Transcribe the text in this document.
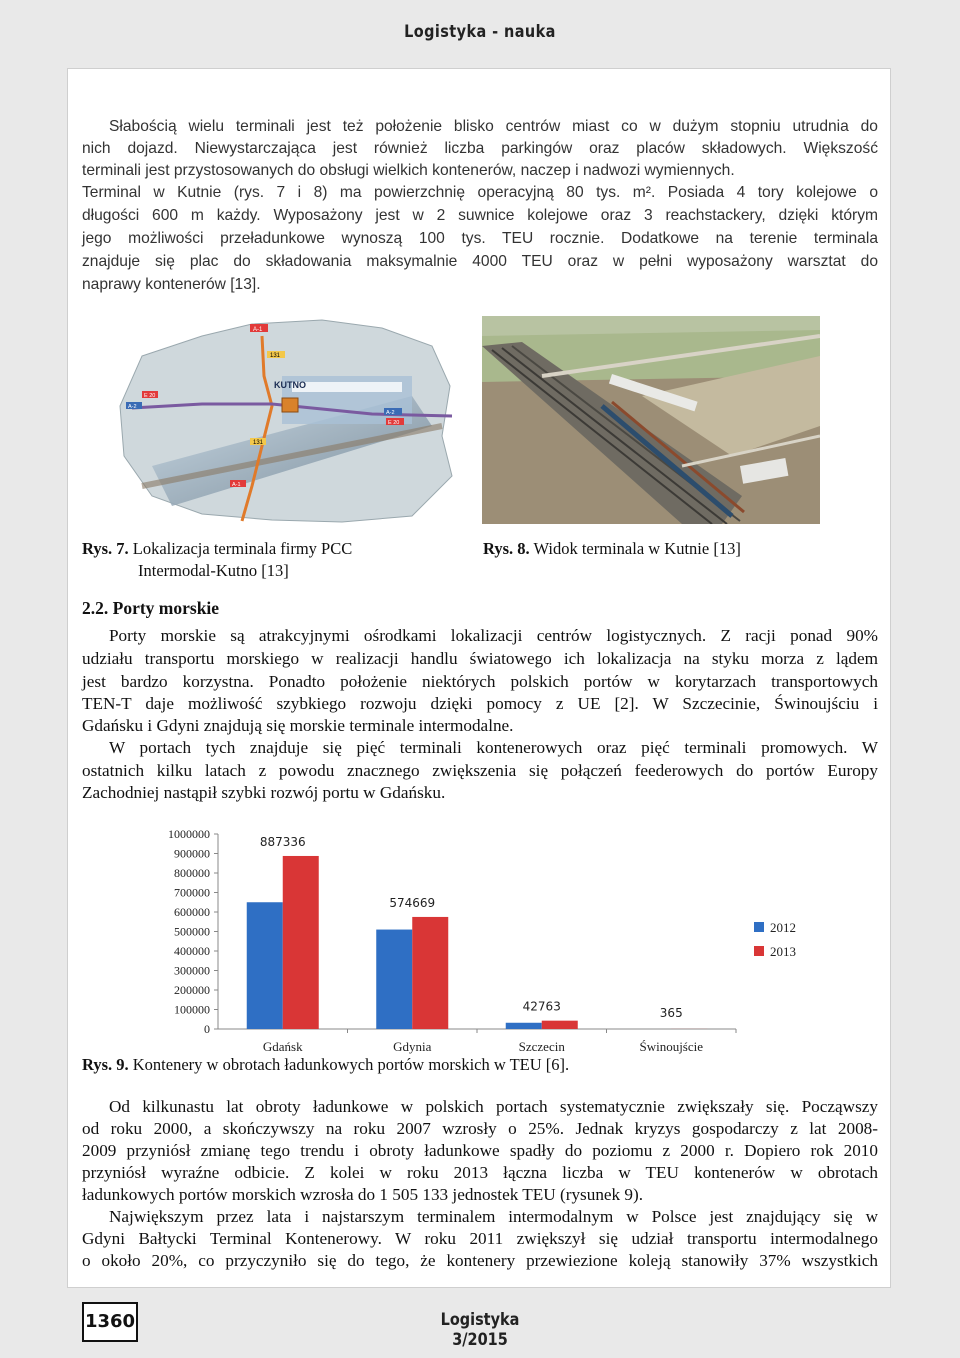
Logistyka - nauka

Słabością wielu terminali jest też położenie blisko centrów miast co w dużym stopniu utrudnia do

nich dojazd. Niewystarczająca jest również liczba parkingów oraz placów składowych. Większość

terminali jest przystosowanych do obsługi wielkich kontenerów, naczep i nadwozi wymiennych.

Terminal w Kutnie (rys. 7 i 8) ma powierzchnię operacyjną 80 tys. m². Posiada 4 tory kolejowe o

długości 600 m każdy. Wyposażony jest w 2 suwnice kolejowe oraz 3 reachstackery, dzięki którym

jego możliwości przeładunkowe wynoszą 100 tys. TEU rocznie. Dodatkowe na terenie terminala

znajduje się plac do składowania maksymalnie 4000 TEU oraz w pełni wyposażony warsztat do

naprawy kontenerów [13].

A-1
131
E 20
A-2
KUTNO
A-2
E 20
131
A-1
Rys. 7. Lokalizacja terminala firmy PCC
Intermodal-Kutno [13]
Rys. 8. Widok terminala w Kutnie [13]
2.2. Porty morskie

Porty morskie są atrakcyjnymi ośrodkami lokalizacji centrów logistycznych. Z racji ponad 90%

udziału transportu morskiego w realizacji handlu światowego ich lokalizacja na styku morza z lądem

jest bardzo korzystna. Ponadto położenie niektórych polskich portów w korytarzach transportowych

TEN-T daje możliwość szybkiego rozwoju dzięki pomocy z UE [2]. W Szczecinie, Świnoujściu i

Gdańsku i Gdyni znajdują się morskie terminale intermodalne.

W portach tych znajduje się pięć terminali kontenerowych oraz pięć terminali promowych. W

ostatnich kilku latach z powodu znacznego zwiększenia się połączeń feederowych do portów Europy

Zachodniej nastąpił szybki rozwój portu w Gdańsku.

1000000
900000
800000
700000
600000
500000
400000
300000
200000
100000
0
887336
Gdańsk
574669
Gdynia
42763
Szczecin
365
Świnoujście
2012
2013
Rys. 9. Kontenery w obrotach ładunkowych portów morskich w TEU [6].

Od kilkunastu lat obroty ładunkowe w polskich portach systematycznie zwiększały się. Począwszy

od roku 2000, a skończywszy na roku 2007 wzrosły o 25%. Jednak kryzys gospodarczy z lat 2008-

2009 przyniósł zmianę tego trendu i obroty ładunkowe spadły do poziomu z 2000 r. Dopiero rok 2010

przyniósł wyraźne odbicie. Z kolei w roku 2013 łączna liczba w TEU kontenerów w obrotach

ładunkowych portów morskich wzrosła do 1 505 133 jednostek TEU (rysunek 9).

Największym przez lata i najstarszym terminalem intermodalnym w Polsce jest znajdujący się w

Gdyni Bałtycki Terminal Kontenerowy. W roku 2011 zwiększył się udział transportu intermodalnego

o około 20%, co przyczyniło się do tego, że kontenery przewiezione koleją stanowiły 37% wszystkich

1360	Logistyka 3/2015
